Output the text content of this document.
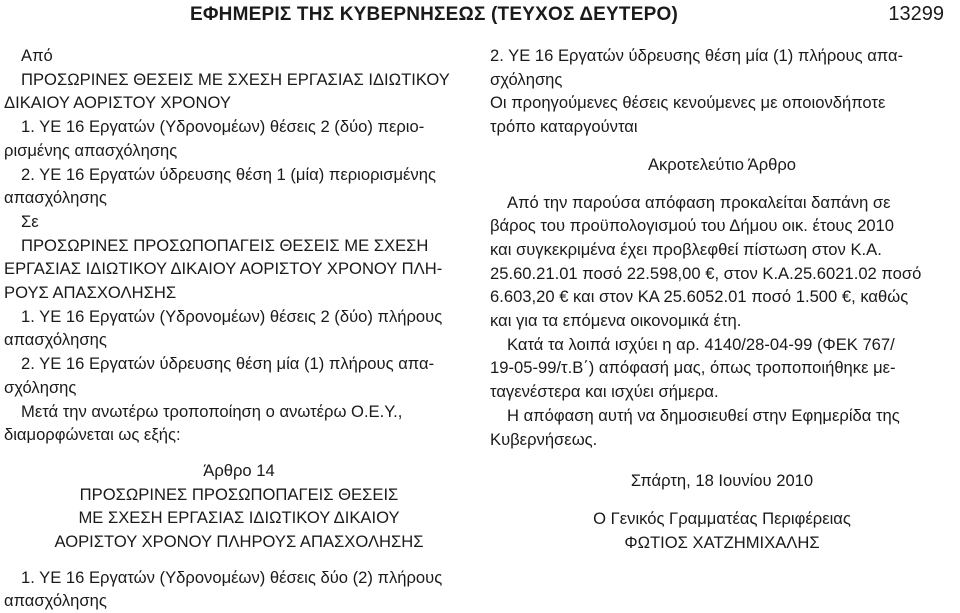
ΕΦΗΜΕΡΙΣ ΤΗΣ ΚΥΒΕΡΝΗΣΕΩΣ (ΤΕΥΧΟΣ ΔΕΥΤΕΡΟ)	13299
Από
ΠΡΟΣΩΡΙΝΕΣ ΘΕΣΕΙΣ ΜΕ ΣΧΕΣΗ ΕΡΓΑΣΙΑΣ ΙΔΙΩΤΙΚΟΥ
ΔΙΚΑΙΟΥ ΑΟΡΙΣΤΟΥ ΧΡΟΝΟΥ
1. ΥΕ 16 Εργατών (Υδρονομέων) θέσεις 2 (δύο) περιο-
ρισμένης απασχόλησης
2. ΥΕ 16 Εργατών ύδρευσης θέση 1 (μία) περιορισμένης
απασχόλησης
Σε
ΠΡΟΣΩΡΙΝΕΣ ΠΡΟΣΩΠΟΠΑΓΕΙΣ ΘΕΣΕΙΣ ΜΕ ΣΧΕΣΗ
ΕΡΓΑΣΙΑΣ ΙΔΙΩΤΙΚΟΥ ΔΙΚΑΙΟΥ ΑΟΡΙΣΤΟΥ ΧΡΟΝΟΥ ΠΛΗ-
ΡΟΥΣ ΑΠΑΣΧΟΛΗΣΗΣ
1. ΥΕ 16 Εργατών (Υδρονομέων) θέσεις 2 (δύο) πλήρους
απασχόλησης
2. ΥΕ 16 Εργατών ύδρευσης θέση μία (1) πλήρους απα-
σχόλησης
Μετά την ανωτέρω τροποποίηση ο ανωτέρω Ο.Ε.Υ.,
διαμορφώνεται ως εξής:
Άρθρο 14
ΠΡΟΣΩΡΙΝΕΣ ΠΡΟΣΩΠΟΠΑΓΕΙΣ ΘΕΣΕΙΣ
ΜΕ ΣΧΕΣΗ ΕΡΓΑΣΙΑΣ ΙΔΙΩΤΙΚΟΥ ΔΙΚΑΙΟΥ
ΑΟΡΙΣΤΟΥ ΧΡΟΝΟΥ ΠΛΗΡΟΥΣ ΑΠΑΣΧΟΛΗΣΗΣ
1. ΥΕ 16 Εργατών (Υδρονομέων) θέσεις δύο (2) πλήρους
απασχόλησης
2. ΥΕ 16 Εργατών ύδρευσης θέση μία (1) πλήρους απα-
σχόλησης
Οι προηγούμενες θέσεις κενούμενες με οποιονδήποτε
τρόπο καταργούνται
Ακροτελεύτιο Άρθρο
Από την παρούσα απόφαση προκαλείται δαπάνη σε
βάρος του προϋπολογισμού του Δήμου οικ. έτους 2010
και συγκεκριμένα έχει προβλεφθεί πίστωση στον Κ.Α.
25.60.21.01 ποσό 22.598,00 €, στον Κ.Α.25.6021.02 ποσό
6.603,20 € και στον ΚΑ 25.6052.01 ποσό 1.500 €, καθώς
και για τα επόμενα οικονομικά έτη.
Κατά τα λοιπά ισχύει η αρ. 4140/28-04-99 (ΦΕΚ 767/
19-05-99/τ.Β΄) απόφασή μας, όπως τροποποιήθηκε με-
ταγενέστερα και ισχύει σήμερα.
Η απόφαση αυτή να δημοσιευθεί στην Εφημερίδα της
Κυβερνήσεως.
Σπάρτη, 18 Ιουνίου 2010
Ο Γενικός Γραμματέας Περιφέρειας
ΦΩΤΙΟΣ ΧΑΤΖΗΜΙΧΑΛΗΣ
